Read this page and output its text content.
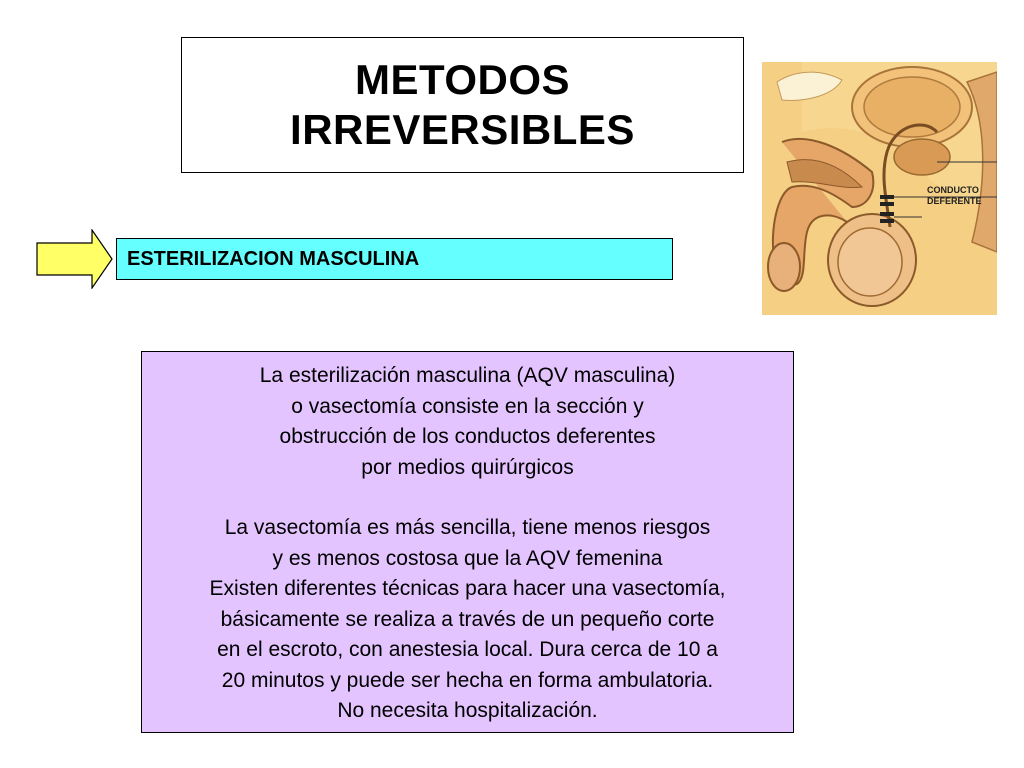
METODOS
IRREVERSIBLES
ESTERILIZACION MASCULINA
CONDUCTO
DEFERENTE
La esterilización masculina (AQV masculina)
o vasectomía consiste en la sección y
obstrucción de los conductos deferentes
por medios quirúrgicos
La vasectomía es más sencilla, tiene menos riesgos
y es menos costosa que la AQV femenina
Existen diferentes técnicas para hacer una vasectomía,
básicamente se realiza a través de un pequeño corte
en el escroto, con anestesia local. Dura cerca de 10 a
20 minutos y puede ser hecha en forma ambulatoria.
No necesita hospitalización.
